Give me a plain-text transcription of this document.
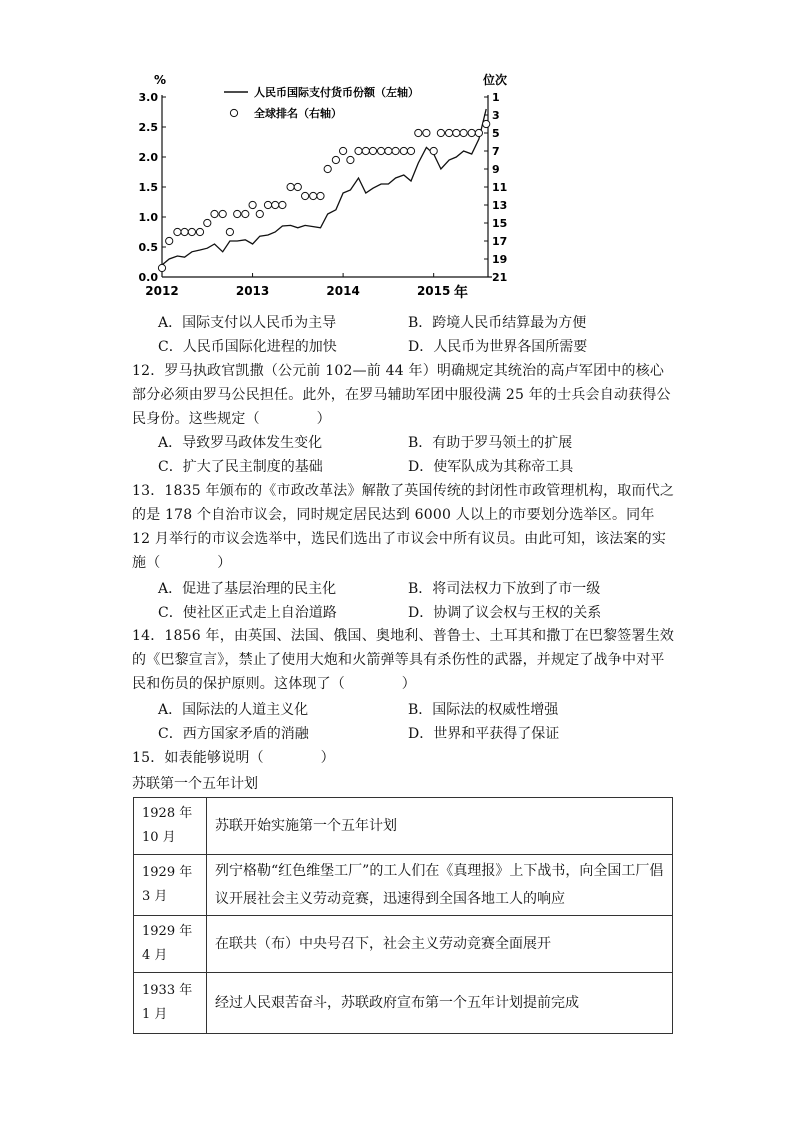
0.0
0.5
1.0
1.5
2.0
2.5
3.0	1
3
5
7
9
11
13
15
17
19
21
2012	2013	2014	2015
人民币国际支付货币份额（左轴）
全球排名（右轴）
%	位次
年
A．国际支付以人民币为主导	B．跨境人民币结算最为方便
C．人民币国际化进程的加快	D．人民币为世界各国所需要
12．罗马执政官凯撒（公元前 102—前 44 年）明确规定其统治的高卢军团中的核心部分必须由罗马公民担任。此外，在罗马辅助军团中服役满 25 年的士兵会自动获得公民身份。这些规定（　　　　）
A．导致罗马政体发生变化	B．有助于罗马领土的扩展
C．扩大了民主制度的基础	D．使军队成为其称帝工具
13．1835 年颁布的《市政改革法》解散了英国传统的封闭性市政管理机构，取而代之的是 178 个自治市议会，同时规定居民达到 6000 人以上的市要划分选举区。同年 12 月举行的市议会选举中，选民们选出了市议会中所有议员。由此可知，该法案的实施（　　　　）
A．促进了基层治理的民主化	B．将司法权力下放到了市一级
C．使社区正式走上自治道路	D．协调了议会权与王权的关系
14．1856 年，由英国、法国、俄国、奥地利、普鲁士、土耳其和撒丁在巴黎签署生效的《巴黎宣言》，禁止了使用大炮和火箭弹等具有杀伤性的武器，并规定了战争中对平民和伤员的保护原则。这体现了（　　　　）
A．国际法的人道主义化	B．国际法的权威性增强
C．西方国家矛盾的消融	D．世界和平获得了保证
15．如表能够说明（　　　　）
苏联第一个五年计划
1928 年 10 月	苏联开始实施第一个五年计划
1929 年 3 月	列宁格勒“红色维堡工厂”的工人们在《真理报》上下战书，向全国工厂倡议开展社会主义劳动竞赛，迅速得到全国各地工人的响应
1929 年 4 月	在联共（布）中央号召下，社会主义劳动竞赛全面展开
1933 年 1 月	经过人民艰苦奋斗，苏联政府宣布第一个五年计划提前完成
